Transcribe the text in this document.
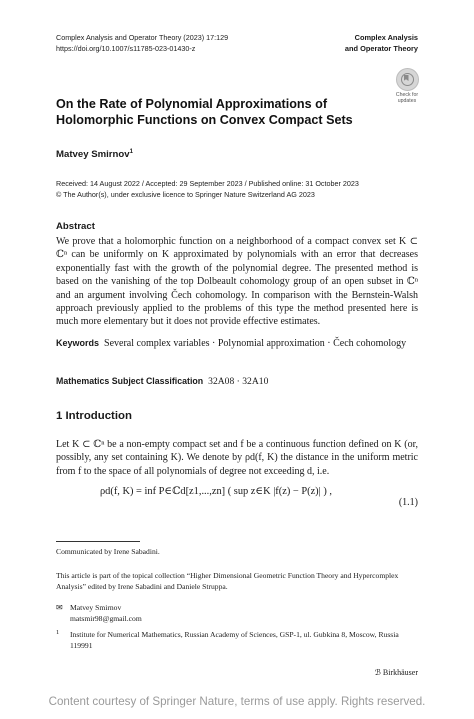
Complex Analysis and Operator Theory (2023) 17:129
https://doi.org/10.1007/s11785-023-01430-z
Complex Analysis
and Operator Theory
Check for
updates
On the Rate of Polynomial Approximations of Holomorphic Functions on Convex Compact Sets
Matvey Smirnov$^1$
Received: 14 August 2022 / Accepted: 29 September 2023 / Published online: 31 October 2023
© The Author(s), under exclusive licence to Springer Nature Switzerland AG 2023
Abstract
We prove that a holomorphic function on a neighborhood of a compact convex set K ⊂ ℂⁿ can be uniformly on K approximated by polynomials with an error that decreases exponentially fast with the growth of the polynomial degree. The presented method is based on the vanishing of the top Dolbeault cohomology group of an open subset in ℂⁿ and an argument involving Čech cohomology. In comparison with the Bernstein-Walsh approach previously applied to the problems of this type the method presented here is much more elementary but it does not provide effective estimates.
Keywords Several complex variables · Polynomial approximation · Čech cohomology
Mathematics Subject Classification 32A08 · 32A10
1 Introduction
Let K ⊂ ℂⁿ be a non-empty compact set and f be a continuous function defined on K (or, possibly, any set containing K). We denote by ρd(f, K) the distance in the uniform metric from f to the space of all polynomials of degree not exceeding d, i.e.
ρd(f, K) = inf P∈ℂd[z1,...,zn] ( sup z∈K |f(z) − P(z)| ) ,
(1.1)
Communicated by Irene Sabadini.
This article is part of the topical collection “Higher Dimensional Geometric Function Theory and Hypercomplex Analysis” edited by Irene Sabadini and Daniele Struppa.
✉ Matvey Smirnov
matsmir98@gmail.com
1 Institute for Numerical Mathematics, Russian Academy of Sciences, GSP-1, ul. Gubkina 8, Moscow, Russia 119991
ℬ Birkhäuser
Content courtesy of Springer Nature, terms of use apply. Rights reserved.
